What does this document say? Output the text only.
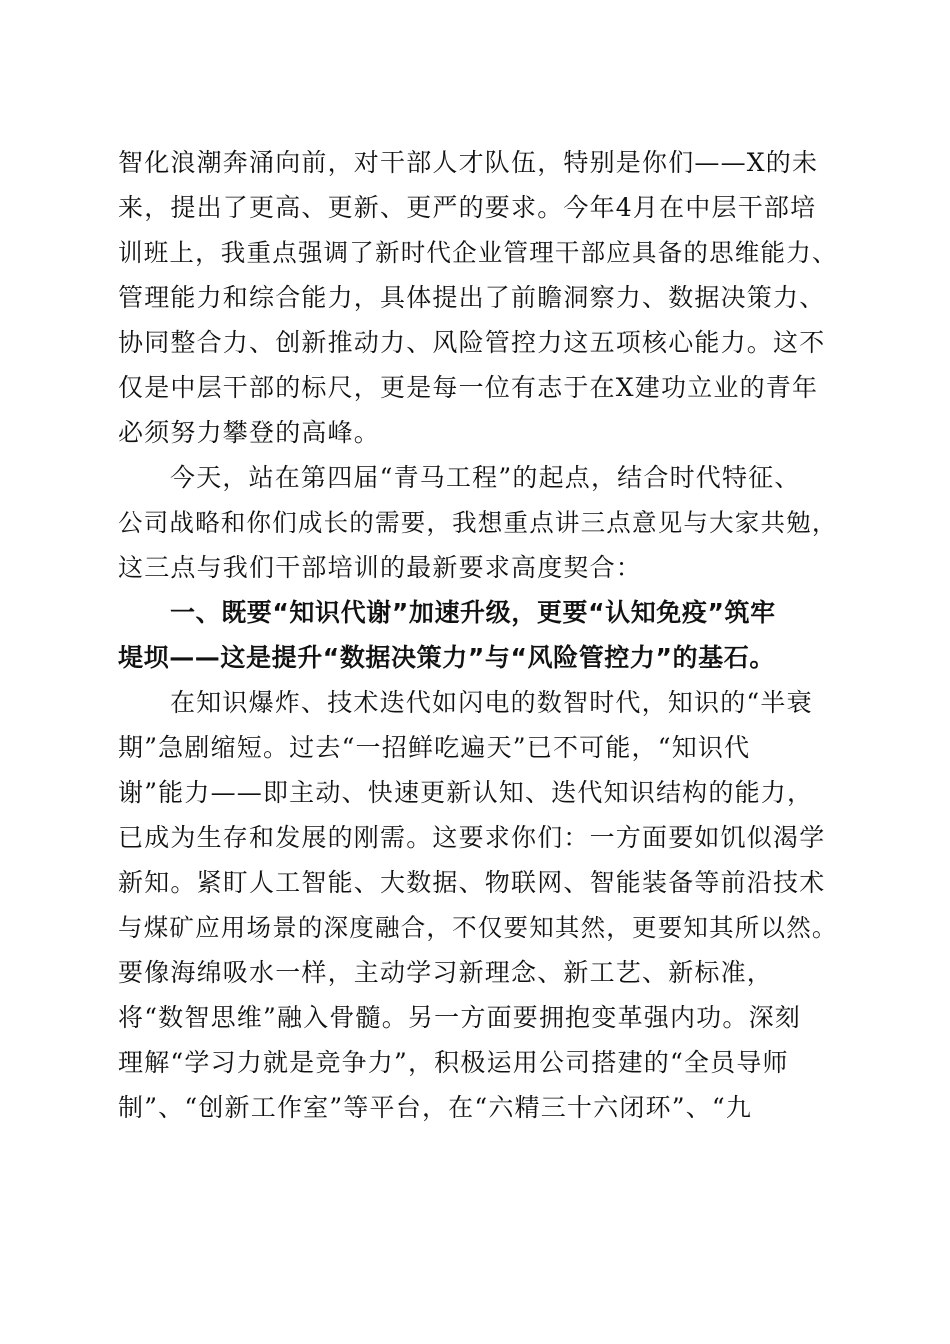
智化浪潮奔涌向前，对干部人才队伍，特别是你们——X的未
来，提出了更高、更新、更严的要求。今年4月在中层干部培
训班上，我重点强调了新时代企业管理干部应具备的思维能力、
管理能力和综合能力，具体提出了前瞻洞察力、数据决策力、
协同整合力、创新推动力、风险管控力这五项核心能力。这不
仅是中层干部的标尺，更是每一位有志于在X建功立业的青年
必须努力攀登的高峰。
今天，站在第四届“青马工程”的起点，结合时代特征、
公司战略和你们成长的需要，我想重点讲三点意见与大家共勉，
这三点与我们干部培训的最新要求高度契合：
一、既要“知识代谢”加速升级，更要“认知免疫”筑牢
堤坝——这是提升“数据决策力”与“风险管控力”的基石。
在知识爆炸、技术迭代如闪电的数智时代，知识的“半衰
期”急剧缩短。过去“一招鲜吃遍天”已不可能，“知识代
谢”能力——即主动、快速更新认知、迭代知识结构的能力，
已成为生存和发展的刚需。这要求你们：一方面要如饥似渴学
新知。紧盯人工智能、大数据、物联网、智能装备等前沿技术
与煤矿应用场景的深度融合，不仅要知其然，更要知其所以然。
要像海绵吸水一样，主动学习新理念、新工艺、新标准，
将“数智思维”融入骨髓。另一方面要拥抱变革强内功。深刻
理解“学习力就是竞争力”，积极运用公司搭建的“全员导师
制”、“创新工作室”等平台，在“六精三十六闭环”、“九
